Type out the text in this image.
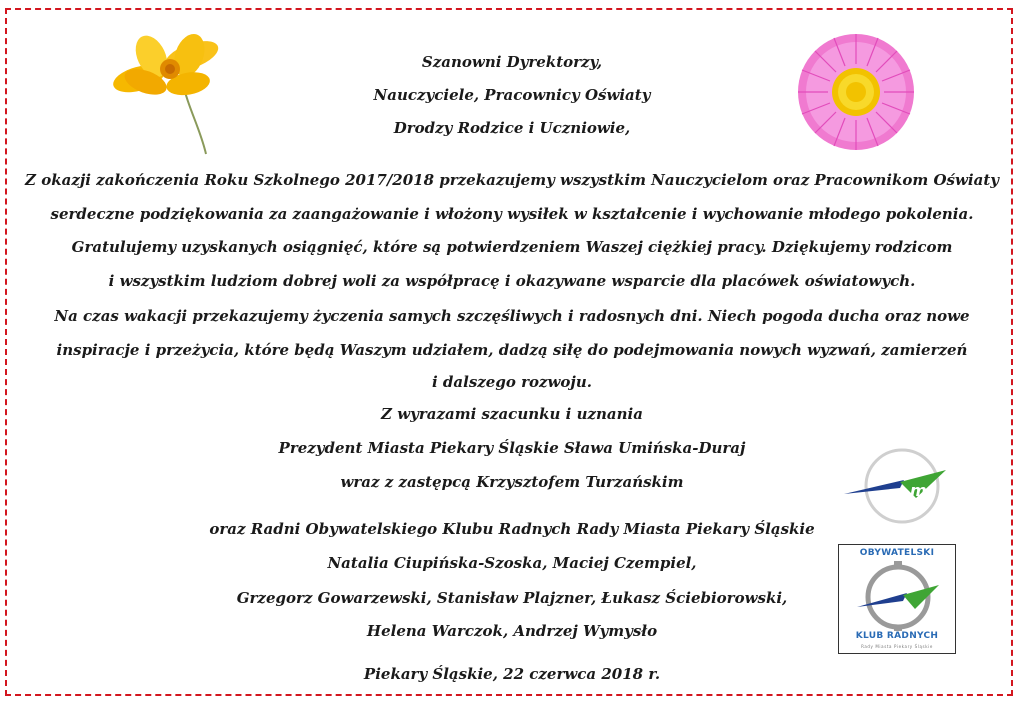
Szanowni Dyrektorzy,
Nauczyciele, Pracownicy Oświaty
Drodzy Rodzice i Uczniowie,
Z okazji zakończenia Roku Szkolnego 2017/2018 przekazujemy wszystkim Nauczycielom oraz Pracownikom Oświaty
serdeczne podziękowania za zaangażowanie i włożony wysiłek w kształcenie i wychowanie młodego pokolenia.
Gratulujemy uzyskanych osiągnięć, które są potwierdzeniem Waszej ciężkiej pracy. Dziękujemy rodzicom
i wszystkim ludziom dobrej woli za współpracę i okazywane wsparcie dla placówek oświatowych.
Na czas wakacji przekazujemy życzenia samych szczęśliwych i radosnych dni. Niech pogoda ducha oraz nowe
inspiracje i przeżycia, które będą Waszym udziałem, dadzą siłę do podejmowania nowych wyzwań, zamierzeń
i dalszego rozwoju.
Z wyrazami szacunku i uznania
Prezydent Miasta Piekary Śląskie Sława Umińska-Duraj
wraz z zastępcą Krzysztofem Turzańskim
oraz Radni Obywatelskiego Klubu Radnych Rady Miasta Piekary Śląskie
Natalia Ciupińska-Szoska, Maciej Czempiel,
Grzegorz Gowarzewski, Stanisław Plajzner, Łukasz Ściebiorowski,
Helena Warczok, Andrzej Wymysło
Piekary Śląskie, 22 czerwca 2018 r.
m
OBYWATELSKI
KLUB RADNYCH
Rady Miasta Piekary Śląskie
